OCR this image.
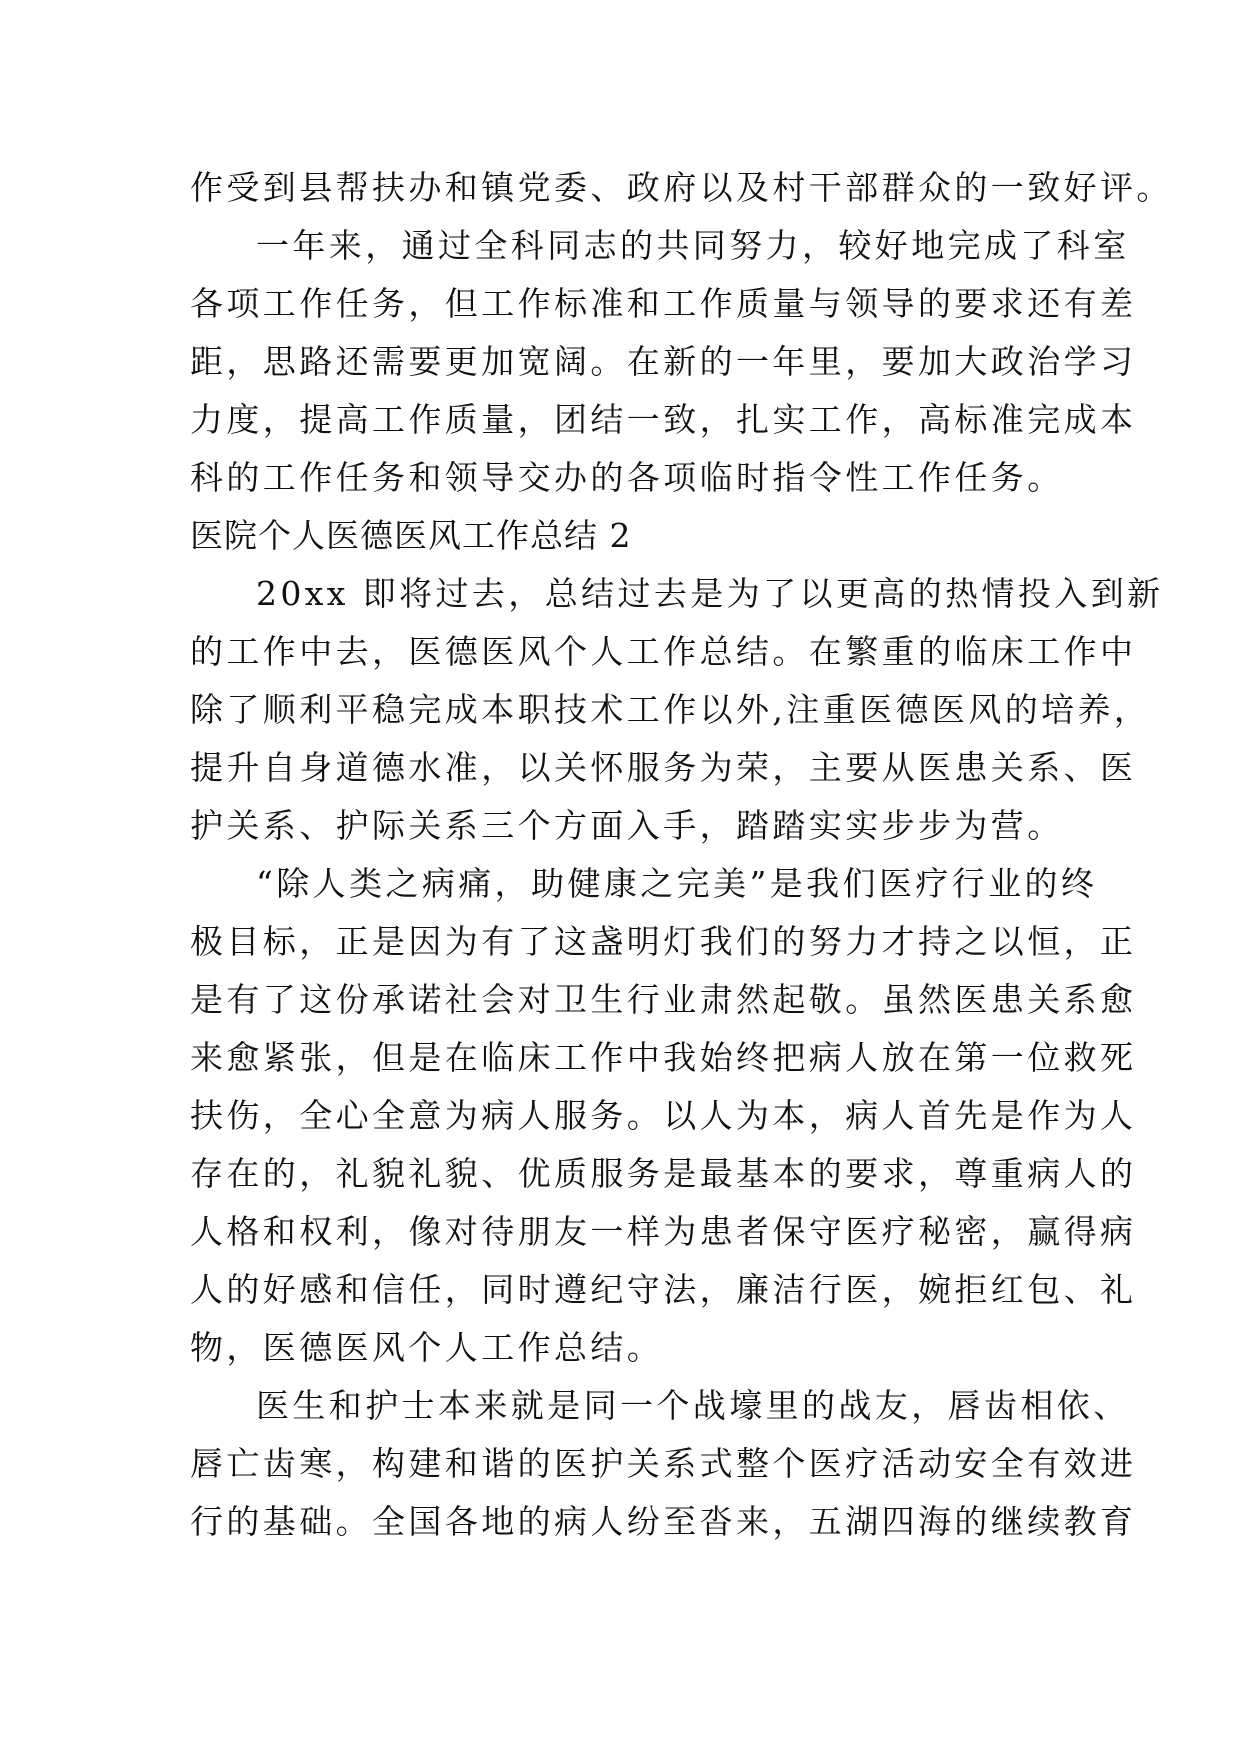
作受到县帮扶办和镇党委、政府以及村干部群众的一致好评。
一年来，通过全科同志的共同努力，较好地完成了科室
各项工作任务，但工作标准和工作质量与领导的要求还有差
距，思路还需要更加宽阔。在新的一年里，要加大政治学习
力度，提高工作质量，团结一致，扎实工作，高标准完成本
科的工作任务和领导交办的各项临时指令性工作任务。
医院个人医德医风工作总结 2
20xx 即将过去，总结过去是为了以更高的热情投入到新
的工作中去，医德医风个人工作总结。在繁重的临床工作中
除了顺利平稳完成本职技术工作以外,注重医德医风的培养，
提升自身道德水准，以关怀服务为荣，主要从医患关系、医
护关系、护际关系三个方面入手，踏踏实实步步为营。
“除人类之病痛，助健康之完美”是我们医疗行业的终
极目标，正是因为有了这盏明灯我们的努力才持之以恒，正
是有了这份承诺社会对卫生行业肃然起敬。虽然医患关系愈
来愈紧张，但是在临床工作中我始终把病人放在第一位救死
扶伤，全心全意为病人服务。以人为本，病人首先是作为人
存在的，礼貌礼貌、优质服务是最基本的要求，尊重病人的
人格和权利，像对待朋友一样为患者保守医疗秘密，赢得病
人的好感和信任，同时遵纪守法，廉洁行医，婉拒红包、礼
物，医德医风个人工作总结。
医生和护士本来就是同一个战壕里的战友，唇齿相依、
唇亡齿寒，构建和谐的医护关系式整个医疗活动安全有效进
行的基础。全国各地的病人纷至沓来，五湖四海的继续教育
